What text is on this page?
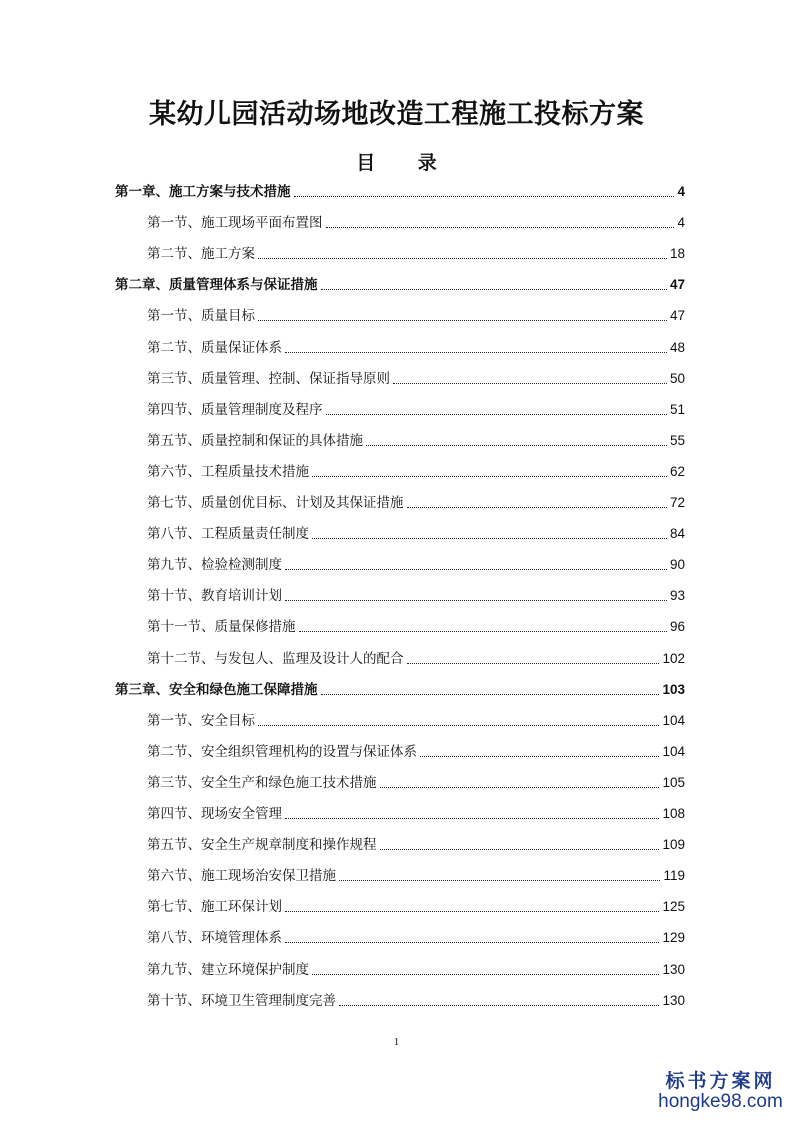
某幼儿园活动场地改造工程施工投标方案
目 录
第一章、施工方案与技术措施	4
第一节、施工现场平面布置图	4
第二节、施工方案	18
第二章、质量管理体系与保证措施	47
第一节、质量目标	47
第二节、质量保证体系	48
第三节、质量管理、控制、保证指导原则	50
第四节、质量管理制度及程序	51
第五节、质量控制和保证的具体措施	55
第六节、工程质量技术措施	62
第七节、质量创优目标、计划及其保证措施	72
第八节、工程质量责任制度	84
第九节、检验检测制度	90
第十节、教育培训计划	93
第十一节、质量保修措施	96
第十二节、与发包人、监理及设计人的配合	102
第三章、安全和绿色施工保障措施	103
第一节、安全目标	104
第二节、安全组织管理机构的设置与保证体系	104
第三节、安全生产和绿色施工技术措施	105
第四节、现场安全管理	108
第五节、安全生产规章制度和操作规程	109
第六节、施工现场治安保卫措施	119
第七节、施工环保计划	125
第八节、环境管理体系	129
第九节、建立环境保护制度	130
第十节、环境卫生管理制度完善	130
1
标书方案网
hongke98.com
